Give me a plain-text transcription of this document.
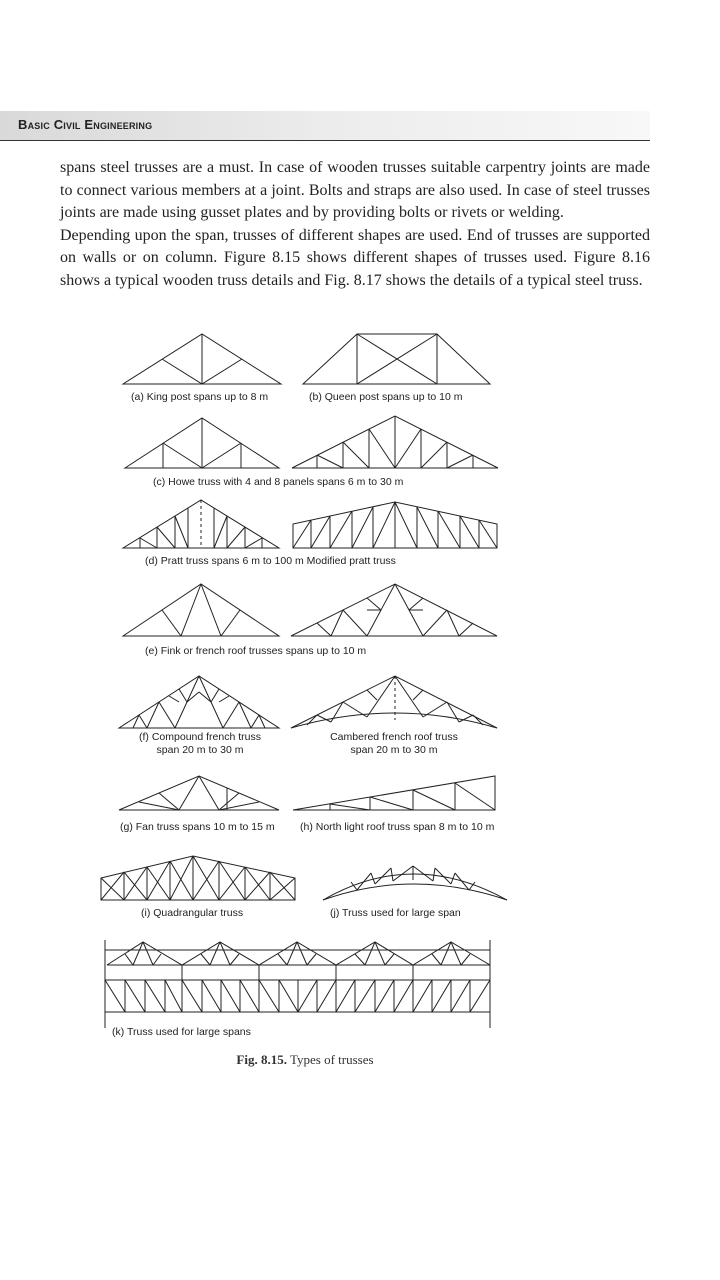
Basic Civil Engineering

spans steel trusses are a must. In case of wooden trusses suitable carpentry joints are made to connect various members at a joint. Bolts and straps are also used. In case of steel trusses joints are made using gusset plates and by providing bolts or rivets or welding.

Depending upon the span, trusses of different shapes are used. End of trusses are supported on walls or on column. Figure 8.15 shows different shapes of trusses used. Figure 8.16 shows a typical wooden truss details and Fig. 8.17 shows the details of a typical steel truss.

(a) King post spans up to 8 m	(b) Queen post spans up to 10 m
(c) Howe truss with 4 and 8 panels spans 6 m to 30 m
(d) Pratt truss spans 6 m to 100 m Modified pratt truss
(e) Fink or french roof trusses spans up to 10 m
(f) Compound french truss
span 20 m to 30 m
Cambered french roof truss
span 20 m to 30 m
(g) Fan truss spans 10 m to 15 m (h) North light roof truss span 8 m to 10 m
(i) Quadrangular truss	(j) Truss used for large span
(k) Truss used for large spans
Fig. 8.15. Types of trusses
